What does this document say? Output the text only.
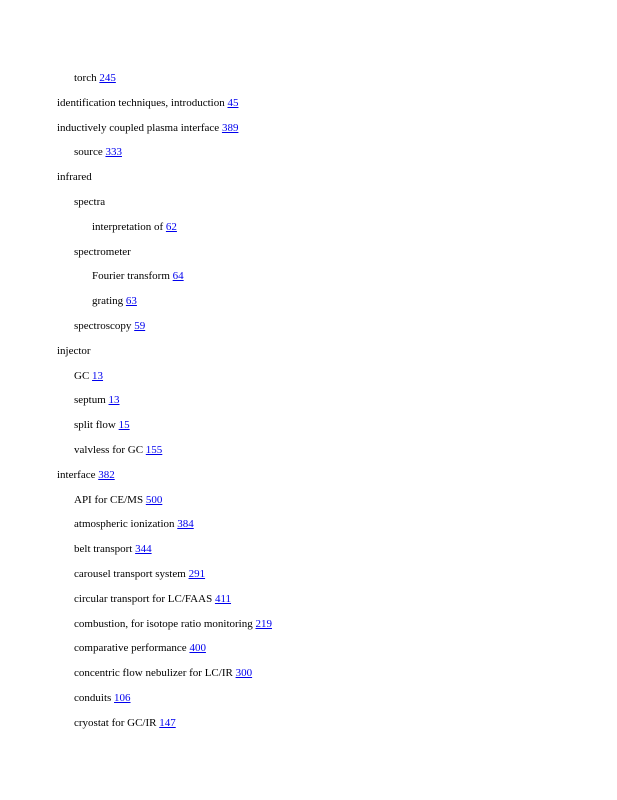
torch 245
identification techniques, introduction 45
inductively coupled plasma interface 389
source 333
infrared
spectra
interpretation of 62
spectrometer
Fourier transform 64
grating 63
spectroscopy 59
injector
GC 13
septum 13
split flow 15
valvless for GC 155
interface 382
API for CE/MS 500
atmospheric ionization 384
belt transport 344
carousel transport system 291
circular transport for LC/FAAS 411
combustion, for isotope ratio monitoring 219
comparative performance 400
concentric flow nebulizer for LC/IR 300
conduits 106
cryostat for GC/IR 147
